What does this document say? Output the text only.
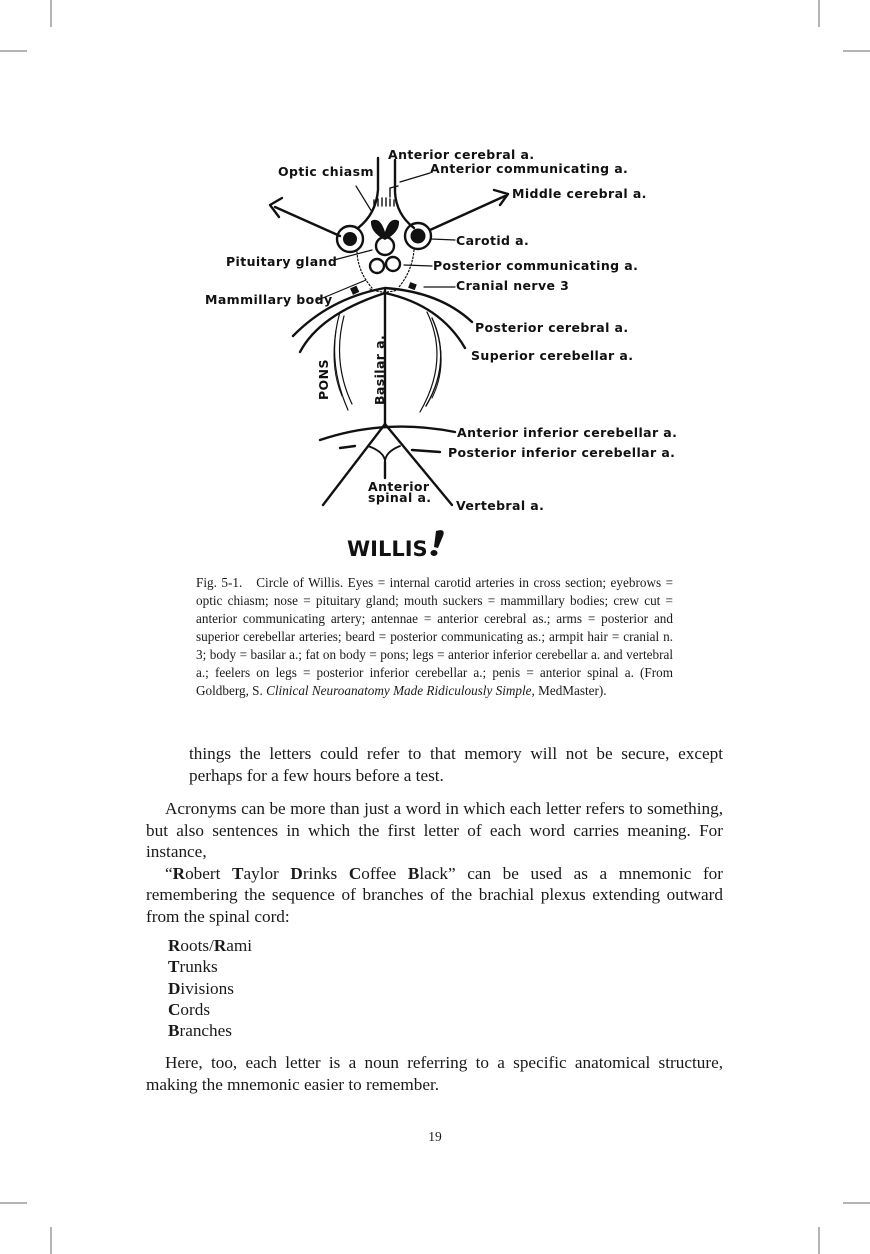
Anterior cerebral a.
Optic chiasm	Anterior communicating a.
Middle cerebral a.
Carotid a.
Pituitary gland	Posterior communicating a.
Cranial nerve 3
Mammillary body
Posterior cerebral a.
Superior cerebellar a.
PONS	Basilar a.
Anterior inferior cerebellar a.
Posterior inferior cerebellar a.
Anterior
spinal a.
Vertebral a.
WILLIS
Fig. 5-1. Circle of Willis. Eyes = internal carotid arteries in cross section; eyebrows = optic chiasm; nose = pituitary gland; mouth suckers = mammillary bodies; crew cut = anterior communicating artery; antennae = anterior cerebral as.; arms = posterior and superior cerebellar arteries; beard = posterior communicating as.; armpit hair = cranial n. 3; body = basilar a.; fat on body = pons; legs = anterior inferior cerebellar a. and vertebral a.; feelers on legs = posterior inferior cerebellar a.; penis = anterior spinal a. (From Goldberg, S. Clinical Neuroanatomy Made Ridiculously Simple, MedMaster).
things the letters could refer to that memory will not be secure, except perhaps for a few hours before a test.

Acronyms can be more than just a word in which each letter refers to something, but also sentences in which the first letter of each word carries meaning. For instance,

“Robert Taylor Drinks Coffee Black” can be used as a mnemonic for remembering the sequence of branches of the brachial plexus extending outward from the spinal cord:

Roots/Rami
Trunks
Divisions
Cords
Branches

Here, too, each letter is a noun referring to a specific anatomical structure, making the mnemonic easier to remember.

19
